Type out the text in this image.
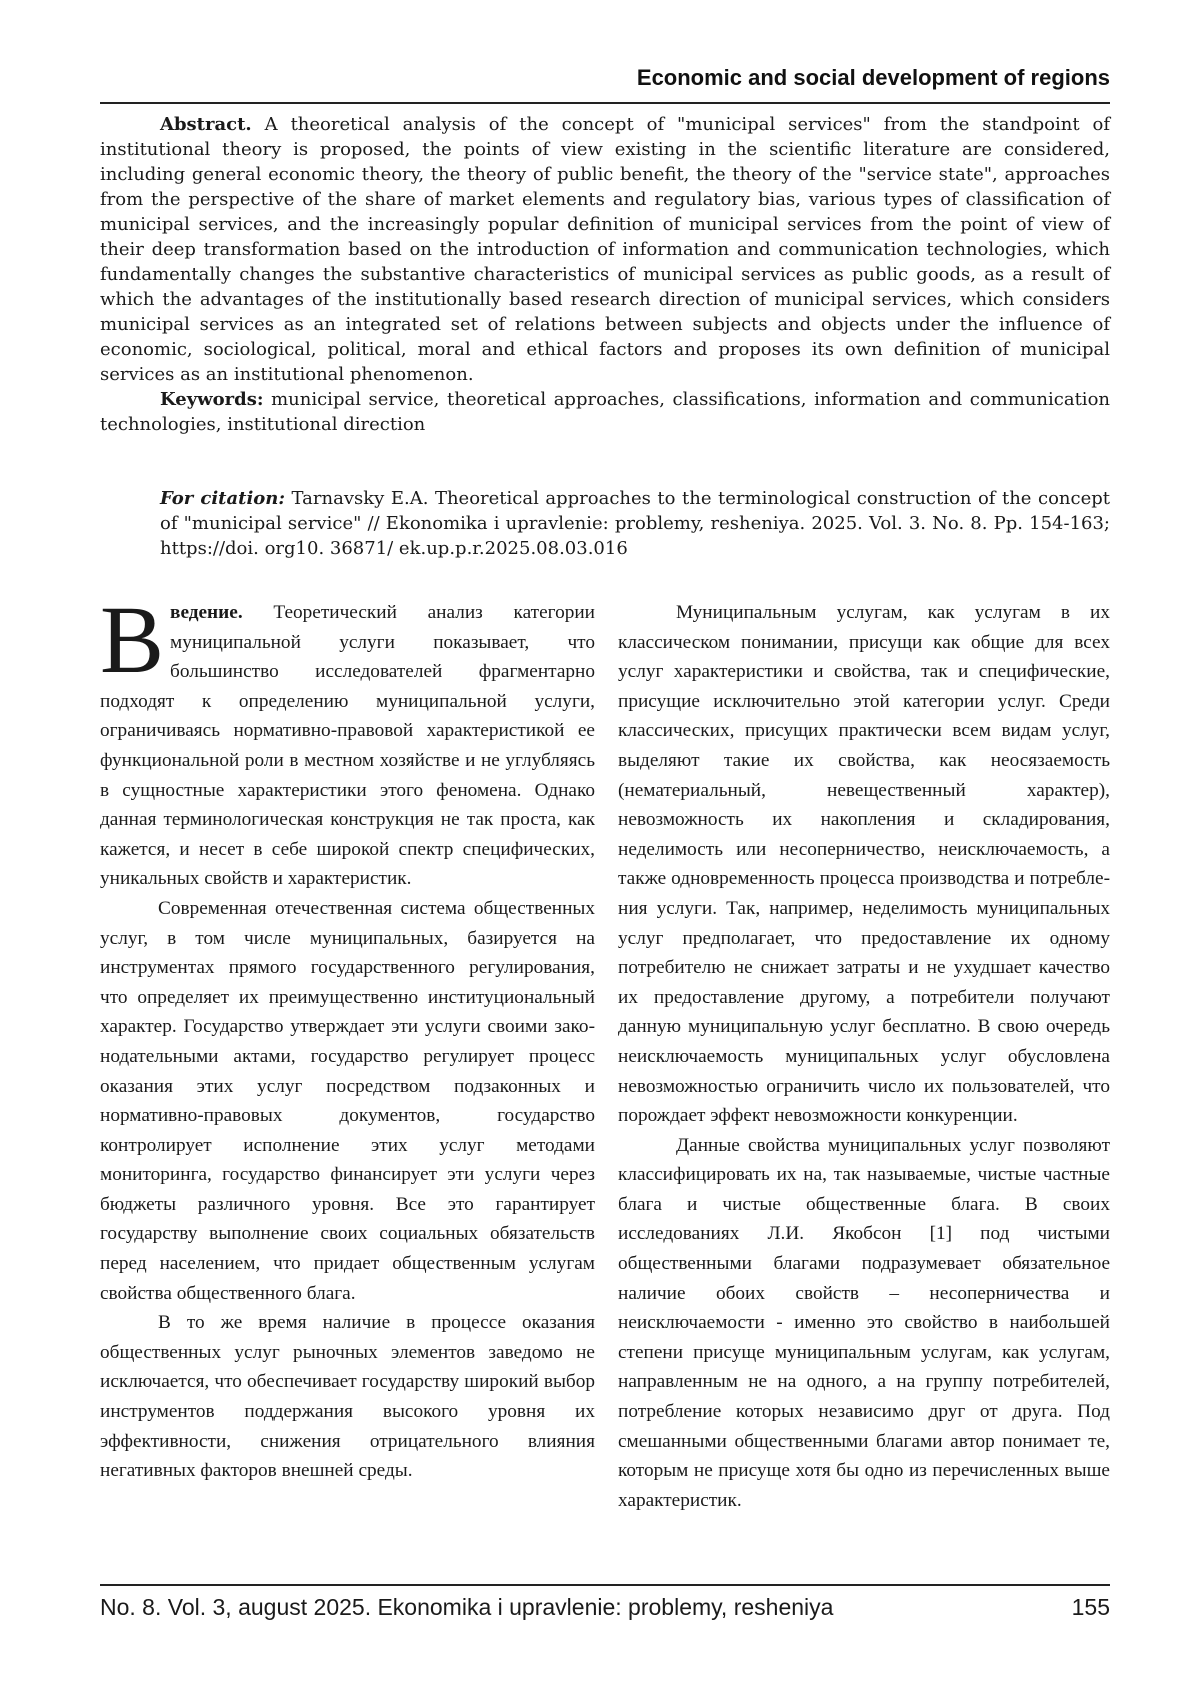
Economic and social development of regions

Abstract. A theoretical analysis of the concept of "municipal services" from the standpoint of institutional theory is proposed, the points of view existing in the scientific literature are considered, including general economic theory, the theory of public benefit, the theory of the "service state", approaches from the perspective of the share of market elements and regulatory bias, various types of classification of municipal services, and the increasingly popular definition of municipal services from the point of view of their deep transformation based on the introduction of information and communication technologies, which fundamentally changes the substantive characteristics of municipal services as public goods, as a result of which the advantages of the institutionally based research direction of municipal services, which considers municipal services as an integrated set of relations between subjects and objects under the influence of economic, sociological, political, moral and ethical factors and proposes its own definition of municipal services as an institutional phenomenon.

Keywords: municipal service, theoretical approaches, classifications, information and communication technologies, institutional direction

For citation: Tarnavsky E.A. Theoretical approaches to the terminological construction of the concept of "municipal service" // Ekonomika i upravlenie: problemy, resheniya. 2025. Vol. 3. No. 8. Pp. 154-163; https://doi. org10. 36871/ ek.up.p.r.2025.08.03.016

Введение. Теоретический анализ категории муниципальной услуги показывает, что большинство исследователей фрагментарно подходят к определению муниципальной услуги, ограничиваясь нормативно-правовой характеристикой ее функциональной роли в местном хозяйстве и не углубляясь в сущностные характеристики этого феномена. Однако данная терминологическая конструкция не так проста, как кажется, и несет в себе широкой спектр специфических, уникальных свойств и характеристик.

Современная отечественная система общественных услуг, в том числе муниципальных, базируется на инструментах прямого государственного регулирования, что определяет их преимущественно институциональный характер. Государство утверждает эти услуги своими законодательными актами, государство регулирует процесс оказания этих услуг посредством подзаконных и нормативно-правовых документов, государство контролирует исполнение этих услуг методами мониторинга, государство финансирует эти услуги через бюджеты различного уровня. Все это гарантирует государству выполнение своих социальных обязательств перед населением, что придает общественным услугам свойства общественного блага.

В то же время наличие в процессе оказания общественных услуг рыночных элементов заведомо не исключается, что обеспечивает государству широкий выбор инструментов поддержания высокого уровня их эффективности, снижения отрицательного влияния негативных факторов внешней среды.

Муниципальным услугам, как услугам в их классическом понимании, присущи как общие для всех услуг характеристики и свойства, так и специфические, присущие исключительно этой категории услуг. Среди классических, присущих практически всем видам услуг, выделяют такие их свойства, как неосязаемость (нематериальный, невещественный характер), невозможность их накопления и складирования, неделимость или несоперничество, неисключаемость, а также одновременность процесса производства и потребления услуги. Так, например, неделимость муниципальных услуг предполагает, что предоставление их одному потребителю не снижает затраты и не ухудшает качество их предоставление другому, а потребители получают данную муниципальную услуг бесплатно. В свою очередь неисключаемость муниципальных услуг обусловлена невозможностью ограничить число их пользователей, что порождает эффект невозможности конкуренции.

Данные свойства муниципальных услуг позволяют классифицировать их на, так называемые, чистые частные блага и чистые общественные блага. В своих исследованиях Л.И. Якобсон [1] под чистыми общественными благами подразумевает обязательное наличие обоих свойств – несоперничества и неисключаемости - именно это свойство в наибольшей степени присуще муниципальным услугам, как услугам, направленным не на одного, а на группу потребителей, потребление которых независимо друг от друга. Под смешанными общественными благами автор понимает те, которым не присуще хотя бы одно из перечисленных выше характеристик.

No. 8. Vol. 3, august 2025. Ekonomika i upravlenie: problemy, resheniya	155
